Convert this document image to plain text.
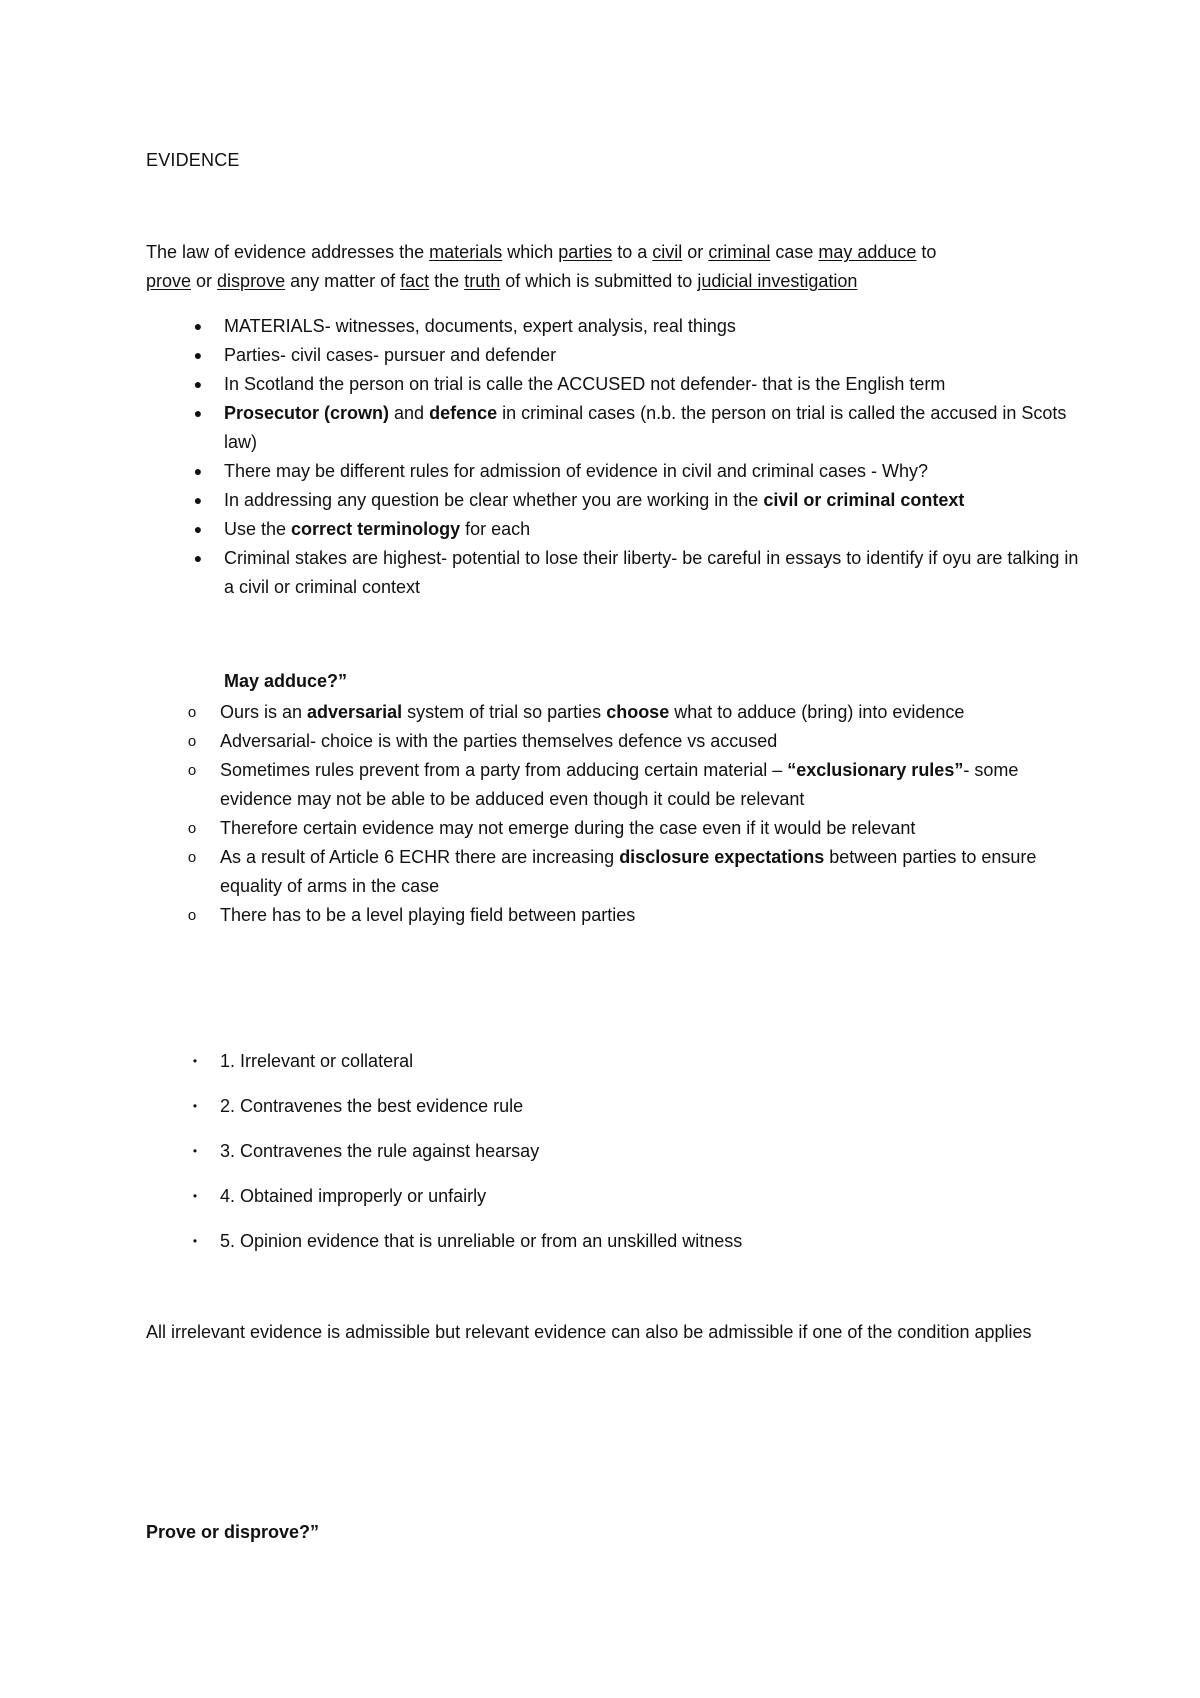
EVIDENCE
The law of evidence addresses the materials which parties to a civil or criminal case may adduce to
prove or disprove any matter of fact the truth of which is submitted to judicial investigation
●	MATERIALS- witnesses, documents, expert analysis, real things
●	Parties- civil cases- pursuer and defender
●	In Scotland the person on trial is calle the ACCUSED not defender- that is the English term
●	Prosecutor (crown) and defence in criminal cases (n.b. the person on trial is called the accused in Scots law)
●	There may be different rules for admission of evidence in civil and criminal cases - Why?
●	In addressing any question be clear whether you are working in the civil or criminal context
●	Use the correct terminology for each
●	Criminal stakes are highest- potential to lose their liberty- be careful in essays to identify if oyu are talking in a civil or criminal context
May adduce?”
o	Ours is an adversarial system of trial so parties choose what to adduce (bring) into evidence
o	Adversarial- choice is with the parties themselves defence vs accused
o	Sometimes rules prevent from a party from adducing certain material – “exclusionary rules”- some evidence may not be able to be adduced even though it could be relevant
o	Therefore certain evidence may not emerge during the case even if it would be relevant
o	As a result of Article 6 ECHR there are increasing disclosure expectations between parties to ensure equality of arms in the case
o	There has to be a level playing field between parties
•	1. Irrelevant or collateral
•	2. Contravenes the best evidence rule
•	3. Contravenes the rule against hearsay
•	4. Obtained improperly or unfairly
•	5. Opinion evidence that is unreliable or from an unskilled witness
All irrelevant evidence is admissible but relevant evidence can also be admissible if one of the condition applies
Prove or disprove?”
